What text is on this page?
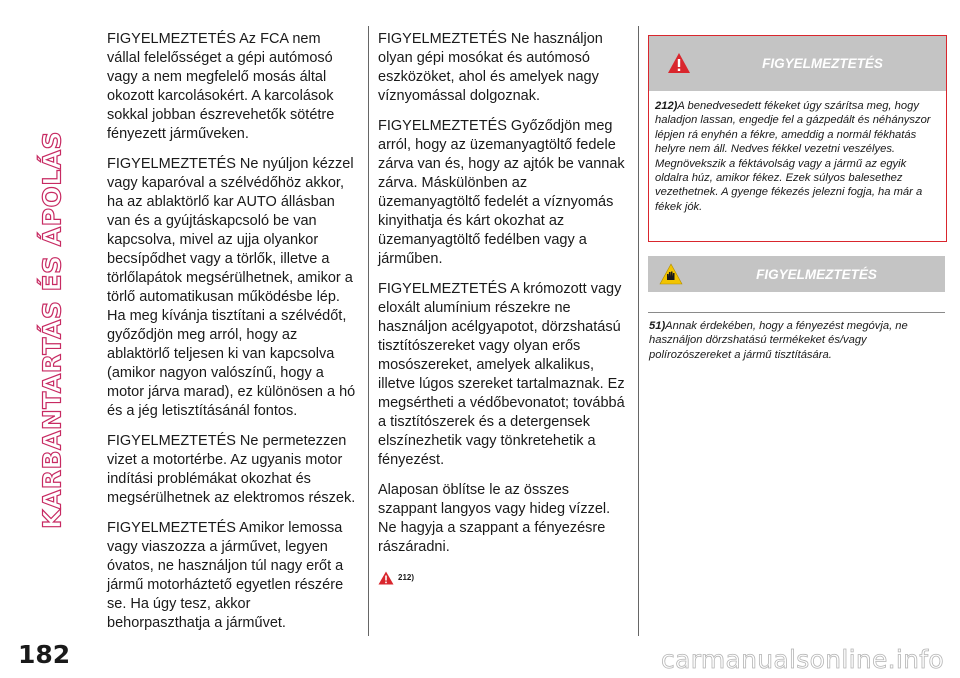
KARBANTARTÁS ÉS ÁPOLÁS

FIGYELMEZTETÉS Az FCA nem vállal felelősséget a gépi autómosó vagy a nem megfelelő mosás által okozott karcolásokért. A karcolások sokkal jobban észrevehetők sötétre fényezett járműveken.

FIGYELMEZTETÉS Ne nyúljon kézzel vagy kaparóval a szélvédőhöz akkor, ha az ablaktörlő kar AUTO állásban van és a gyújtáskapcsoló be van kapcsolva, mivel az ujja olyankor becsípődhet vagy a törlők, illetve a törlőlapátok megsérülhetnek, amikor a törlő automatikusan működésbe lép. Ha meg kívánja tisztítani a szélvédőt, győződjön meg arról, hogy az ablaktörlő teljesen ki van kapcsolva (amikor nagyon valószínű, hogy a motor járva marad), ez különösen a hó és a jég letisztításánál fontos.

FIGYELMEZTETÉS Ne permetezzen vizet a motortérbe. Az ugyanis motor indítási problémákat okozhat és megsérülhetnek az elektromos részek.

FIGYELMEZTETÉS Amikor lemossa vagy viaszozza a járművet, legyen óvatos, ne használjon túl nagy erőt a jármű motorháztető egyetlen részére se. Ha úgy tesz, akkor behorpaszthatja a járművet.

FIGYELMEZTETÉS Ne használjon olyan gépi mosókat és autómosó eszközöket, ahol és amelyek nagy víznyomással dolgoznak.

FIGYELMEZTETÉS Győződjön meg arról, hogy az üzemanyagtöltő fedele zárva van és, hogy az ajtók be vannak zárva. Máskülönben az üzemanyagtöltő fedelét a víznyomás kinyithatja és kárt okozhat az üzemanyagtöltő fedélben vagy a járműben.

FIGYELMEZTETÉS A krómozott vagy eloxált alumínium részekre ne használjon acélgyapotot, dörzshatású tisztítószereket vagy olyan erős mosószereket, amelyek alkalikus, illetve lúgos szereket tartalmaznak. Ez megsértheti a védőbevonatot; továbbá a tisztítószerek és a detergensek elszínezhetik vagy tönkretehetik a fényezést.

Alaposan öblítse le az összes szappant langyos vagy hideg vízzel. Ne hagyja a szappant a fényezésre rászáradni.

212)
FIGYELMEZTETÉS
212)A benedvesedett fékeket úgy szárítsa meg, hogy haladjon lassan, engedje fel a gázpedált és néhányszor lépjen rá enyhén a fékre, ameddig a normál fékhatás helyre nem áll. Nedves fékkel vezetni veszélyes. Megnövekszik a féktávolság vagy a jármű az egyik oldalra húz, amikor fékez. Ezek súlyos balesethez vezethetnek. A gyenge fékezés jelezni fogja, ha már a fékek jók.
FIGYELMEZTETÉS
51)Annak érdekében, hogy a fényezést megóvja, ne használjon dörzshatású termékeket és/vagy polírozószereket a jármű tisztítására.
182	carmanualsonline.info
